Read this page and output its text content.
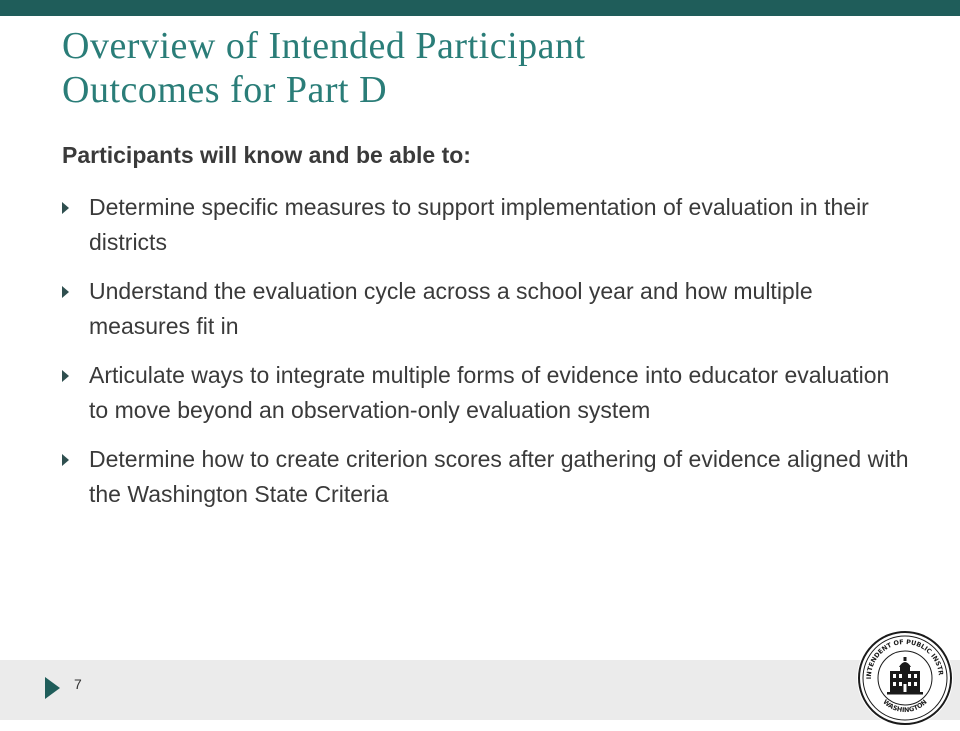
Overview of Intended Participant
Outcomes for Part D

Participants will know and be able to:

Determine specific measures to support implementation of evaluation in their districts
Understand the evaluation cycle across a school year and how multiple measures fit in
Articulate ways to integrate multiple forms of evidence into educator evaluation to move beyond an observation-only evaluation system
Determine how to create criterion scores after gathering of evidence aligned with the Washington State Criteria
7	INTENDENT OF PUBLIC INSTR
WASHINGTON
